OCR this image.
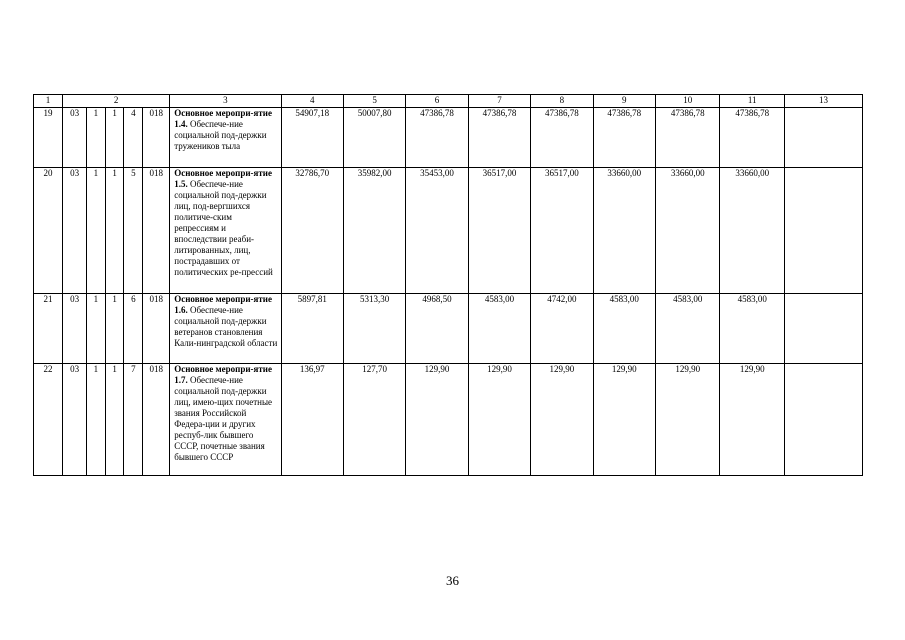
1	2					3	4	5	6	7	8	9	10	11	13
19	03	1	1	4	018	Основное меропри-ятие 1.4. Обеспече-ние социальной под-держки тружеников тыла	54907,18	50007,80	47386,78	47386,78	47386,78	47386,78	47386,78	47386,78	
20	03	1	1	5	018	Основное меропри-ятие 1.5. Обеспече-ние социальной под-держки лиц, под-вергшихся политиче-ским репрессиям и впоследствии реаби-литированных, лиц, пострадавших от политических ре-прессий	32786,70	35982,00	35453,00	36517,00	36517,00	33660,00	33660,00	33660,00	
21	03	1	1	6	018	Основное меропри-ятие 1.6. Обеспече-ние социальной под-держки ветеранов становления Кали-нинградской области	5897,81	5313,30	4968,50	4583,00	4742,00	4583,00	4583,00	4583,00	
22	03	1	1	7	018	Основное меропри-ятие 1.7. Обеспече-ние социальной под-держки лиц, имею-щих почетные звания Российской Федера-ции и других респуб-лик бывшего СССР, почетные звания бывшего СССР	136,97	127,70	129,90	129,90	129,90	129,90	129,90	129,90	
36
